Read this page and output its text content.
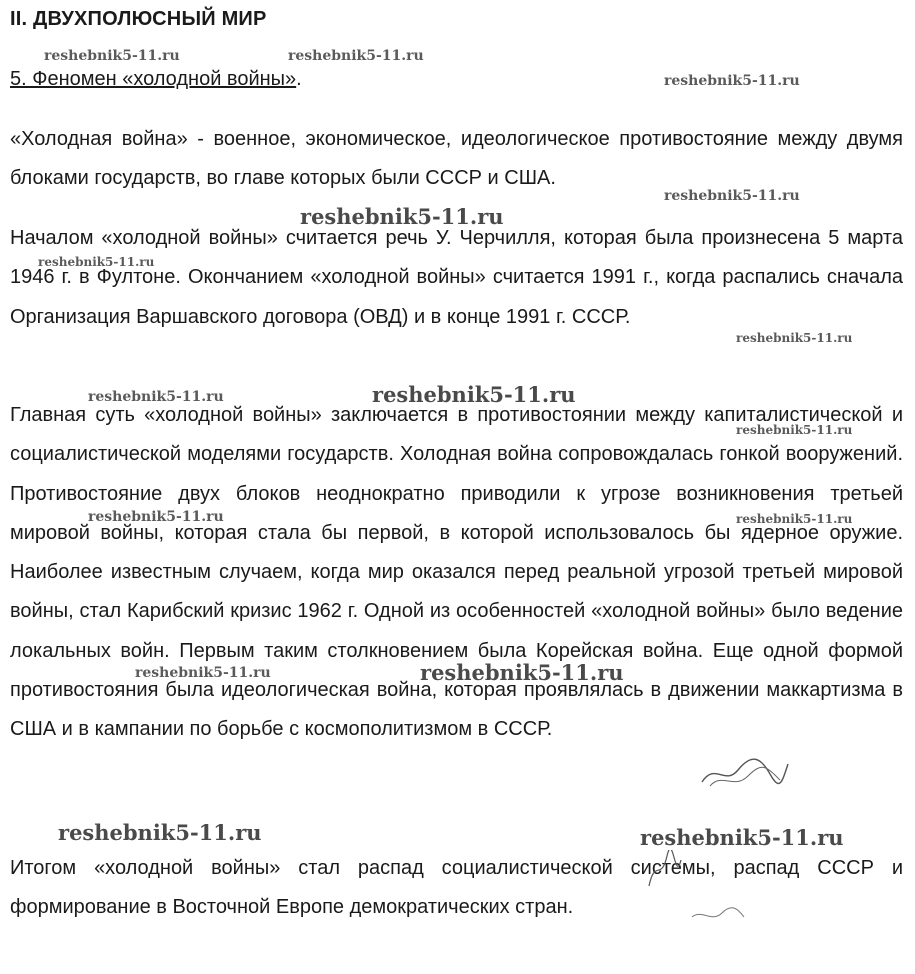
II. ДВУХПОЛЮСНЫЙ МИР
5. Феномен «холодной войны».
«Холодная война» - военное, экономическое, идеологическое противостояние между двумя блоками государств, во главе которых были СССР и США.
Началом «холодной войны» считается речь У. Черчилля, которая была произнесена 5 марта 1946 г. в Фултоне. Окончанием «холодной войны» считается 1991 г., когда распались сначала Организация Варшавского договора (ОВД) и в конце 1991 г. СССР.
Главная суть «холодной войны» заключается в противостоянии между капиталистической и социалистической моделями государств. Холодная война сопровождалась гонкой вооружений. Противостояние двух блоков неоднократно приводили к угрозе возникновения третьей мировой войны, которая стала бы первой, в которой использовалось бы ядерное оружие. Наиболее известным случаем, когда мир оказался перед реальной угрозой третьей мировой войны, стал Карибский кризис 1962 г. Одной из особенностей «холодной войны» было ведение локальных войн. Первым таким столкновением была Корейская война. Еще одной формой противостояния была идеологическая война, которая проявлялась в движении маккартизма в США и в кампании по борьбе с космополитизмом в СССР.
Итогом «холодной войны» стал распад социалистической системы, распад СССР и формирование в Восточной Европе демократических стран.
reshebnik5-11.ru	reshebnik5-11.ru
reshebnik5-11.ru
reshebnik5-11.ru
reshebnik5-11.ru
reshebnik5-11.ru
reshebnik5-11.ru
reshebnik5-11.ru	reshebnik5-11.ru
reshebnik5-11.ru
reshebnik5-11.ru	reshebnik5-11.ru
reshebnik5-11.ru	reshebnik5-11.ru
reshebnik5-11.ru	reshebnik5-11.ru
